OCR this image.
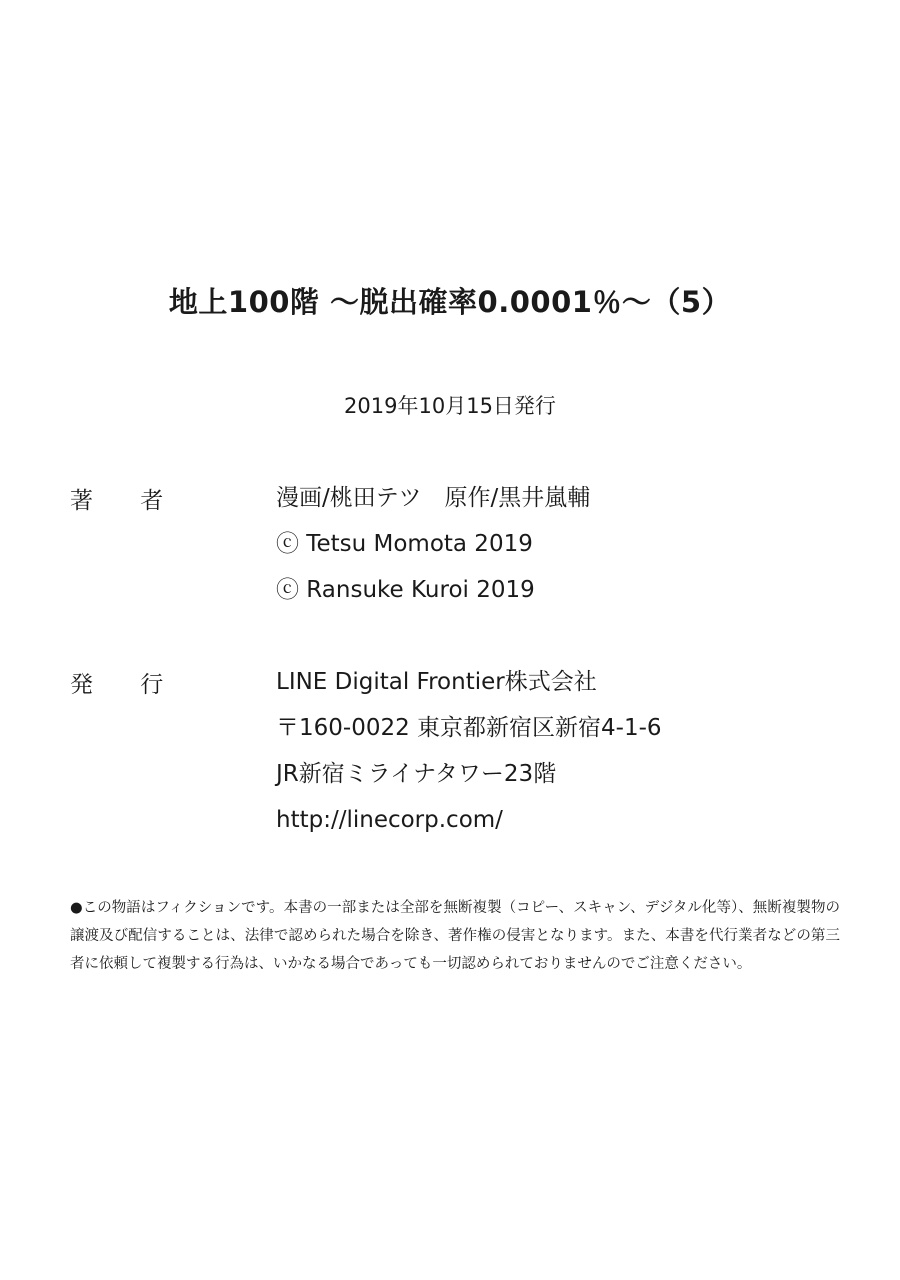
地上100階 〜脱出確率0.0001％〜（5）
2019年10月15日発行
著 者	漫画/桃田テツ　原作/黒井嵐輔
ⓒ Tetsu Momota 2019
ⓒ Ransuke Kuroi 2019
発 行	LINE Digital Frontier株式会社
〒160-0022 東京都新宿区新宿4-1-6
JR新宿ミライナタワー23階
http://linecorp.com/

●この物語はフィクションです。本書の一部または全部を無断複製（コピー、スキャン、デジタル化等）、無断複製物の譲渡及び配信することは、法律で認められた場合を除き、著作権の侵害となります。また、本書を代行業者などの第三者に依頼して複製する行為は、いかなる場合であっても一切認められておりませんのでご注意ください。
